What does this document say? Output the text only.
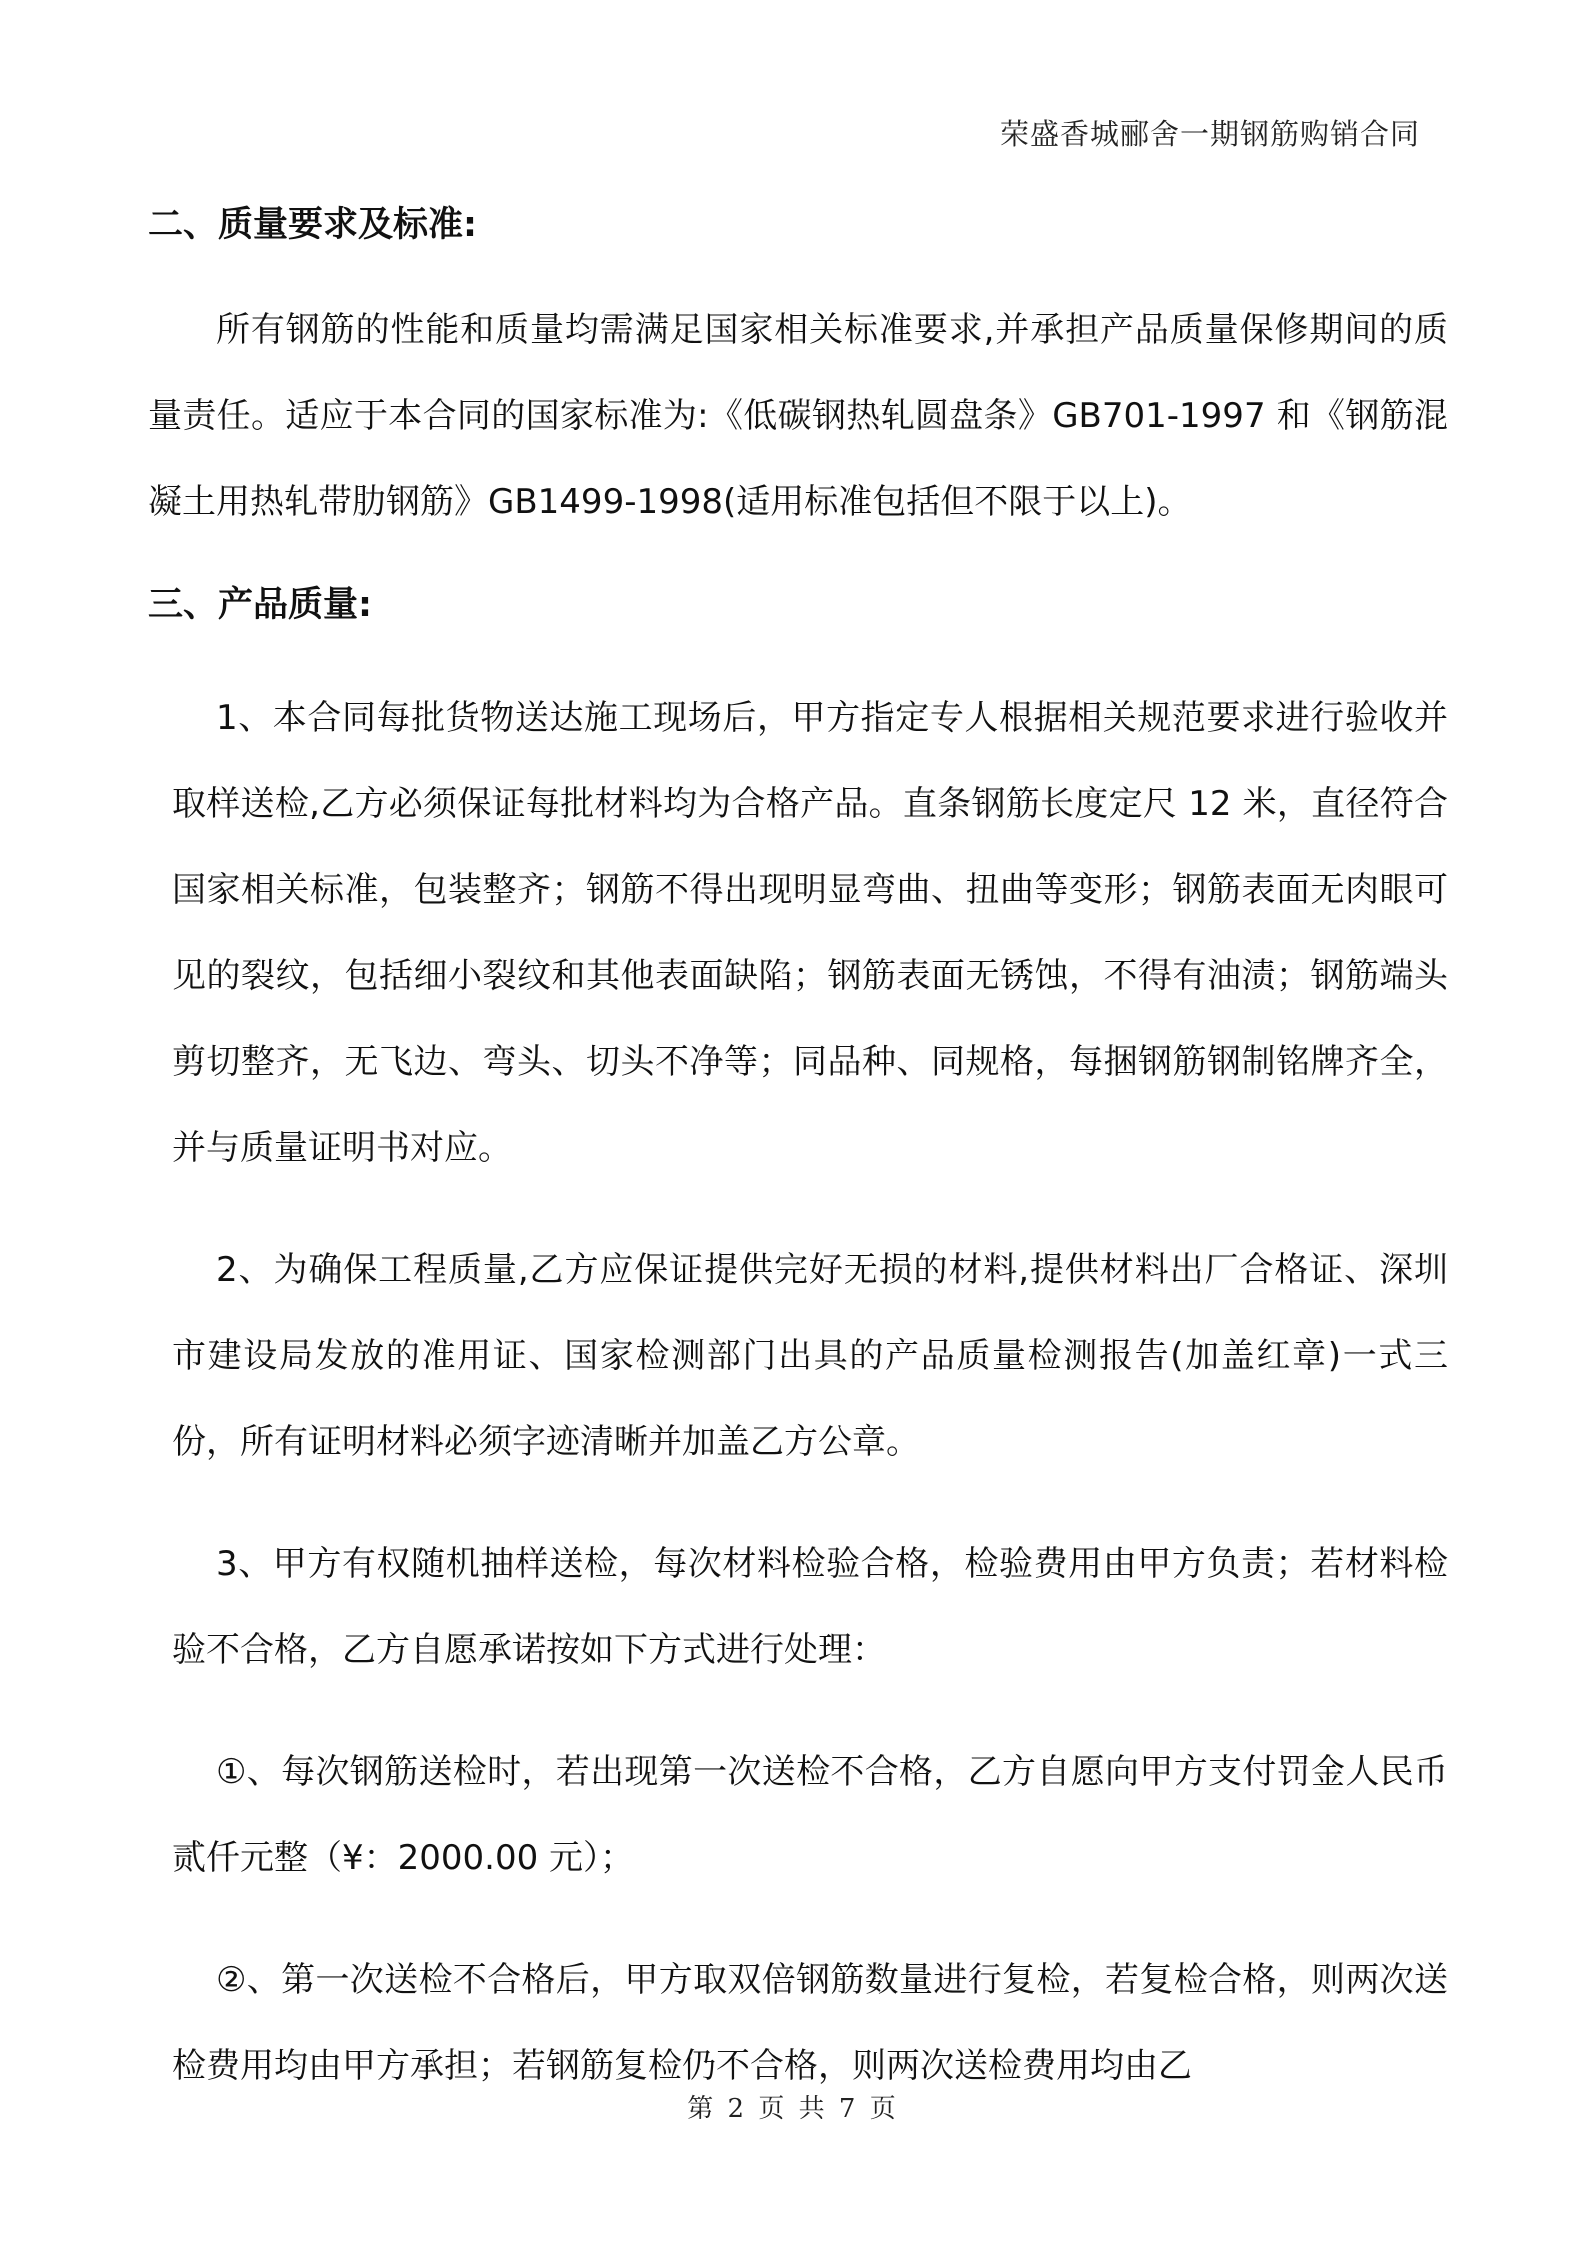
荣盛香城郦舍一期钢筋购销合同
二、质量要求及标准:

所有钢筋的性能和质量均需满足国家相关标准要求,并承担产品质量保修期间的质量责任。适应于本合同的国家标准为:《低碳钢热轧圆盘条》GB701-1997 和《钢筋混凝土用热轧带肋钢筋》GB1499-1998(适用标准包括但不限于以上)。

三、产品质量:

1、本合同每批货物送达施工现场后，甲方指定专人根据相关规范要求进行验收并取样送检,乙方必须保证每批材料均为合格产品。直条钢筋长度定尺 12 米，直径符合国家相关标准，包装整齐；钢筋不得出现明显弯曲、扭曲等变形；钢筋表面无肉眼可见的裂纹，包括细小裂纹和其他表面缺陷；钢筋表面无锈蚀，不得有油渍；钢筋端头剪切整齐，无飞边、弯头、切头不净等；同品种、同规格，每捆钢筋钢制铭牌齐全，并与质量证明书对应。

2、为确保工程质量,乙方应保证提供完好无损的材料,提供材料出厂合格证、深圳市建设局发放的准用证、国家检测部门出具的产品质量检测报告(加盖红章)一式三份，所有证明材料必须字迹清晰并加盖乙方公章。

3、甲方有权随机抽样送检，每次材料检验合格，检验费用由甲方负责；若材料检验不合格，乙方自愿承诺按如下方式进行处理：

①、每次钢筋送检时，若出现第一次送检不合格，乙方自愿向甲方支付罚金人民币贰仟元整（¥：2000.00 元）；

②、第一次送检不合格后，甲方取双倍钢筋数量进行复检，若复检合格，则两次送检费用均由甲方承担；若钢筋复检仍不合格，则两次送检费用均由乙

第 2 页 共 7 页
